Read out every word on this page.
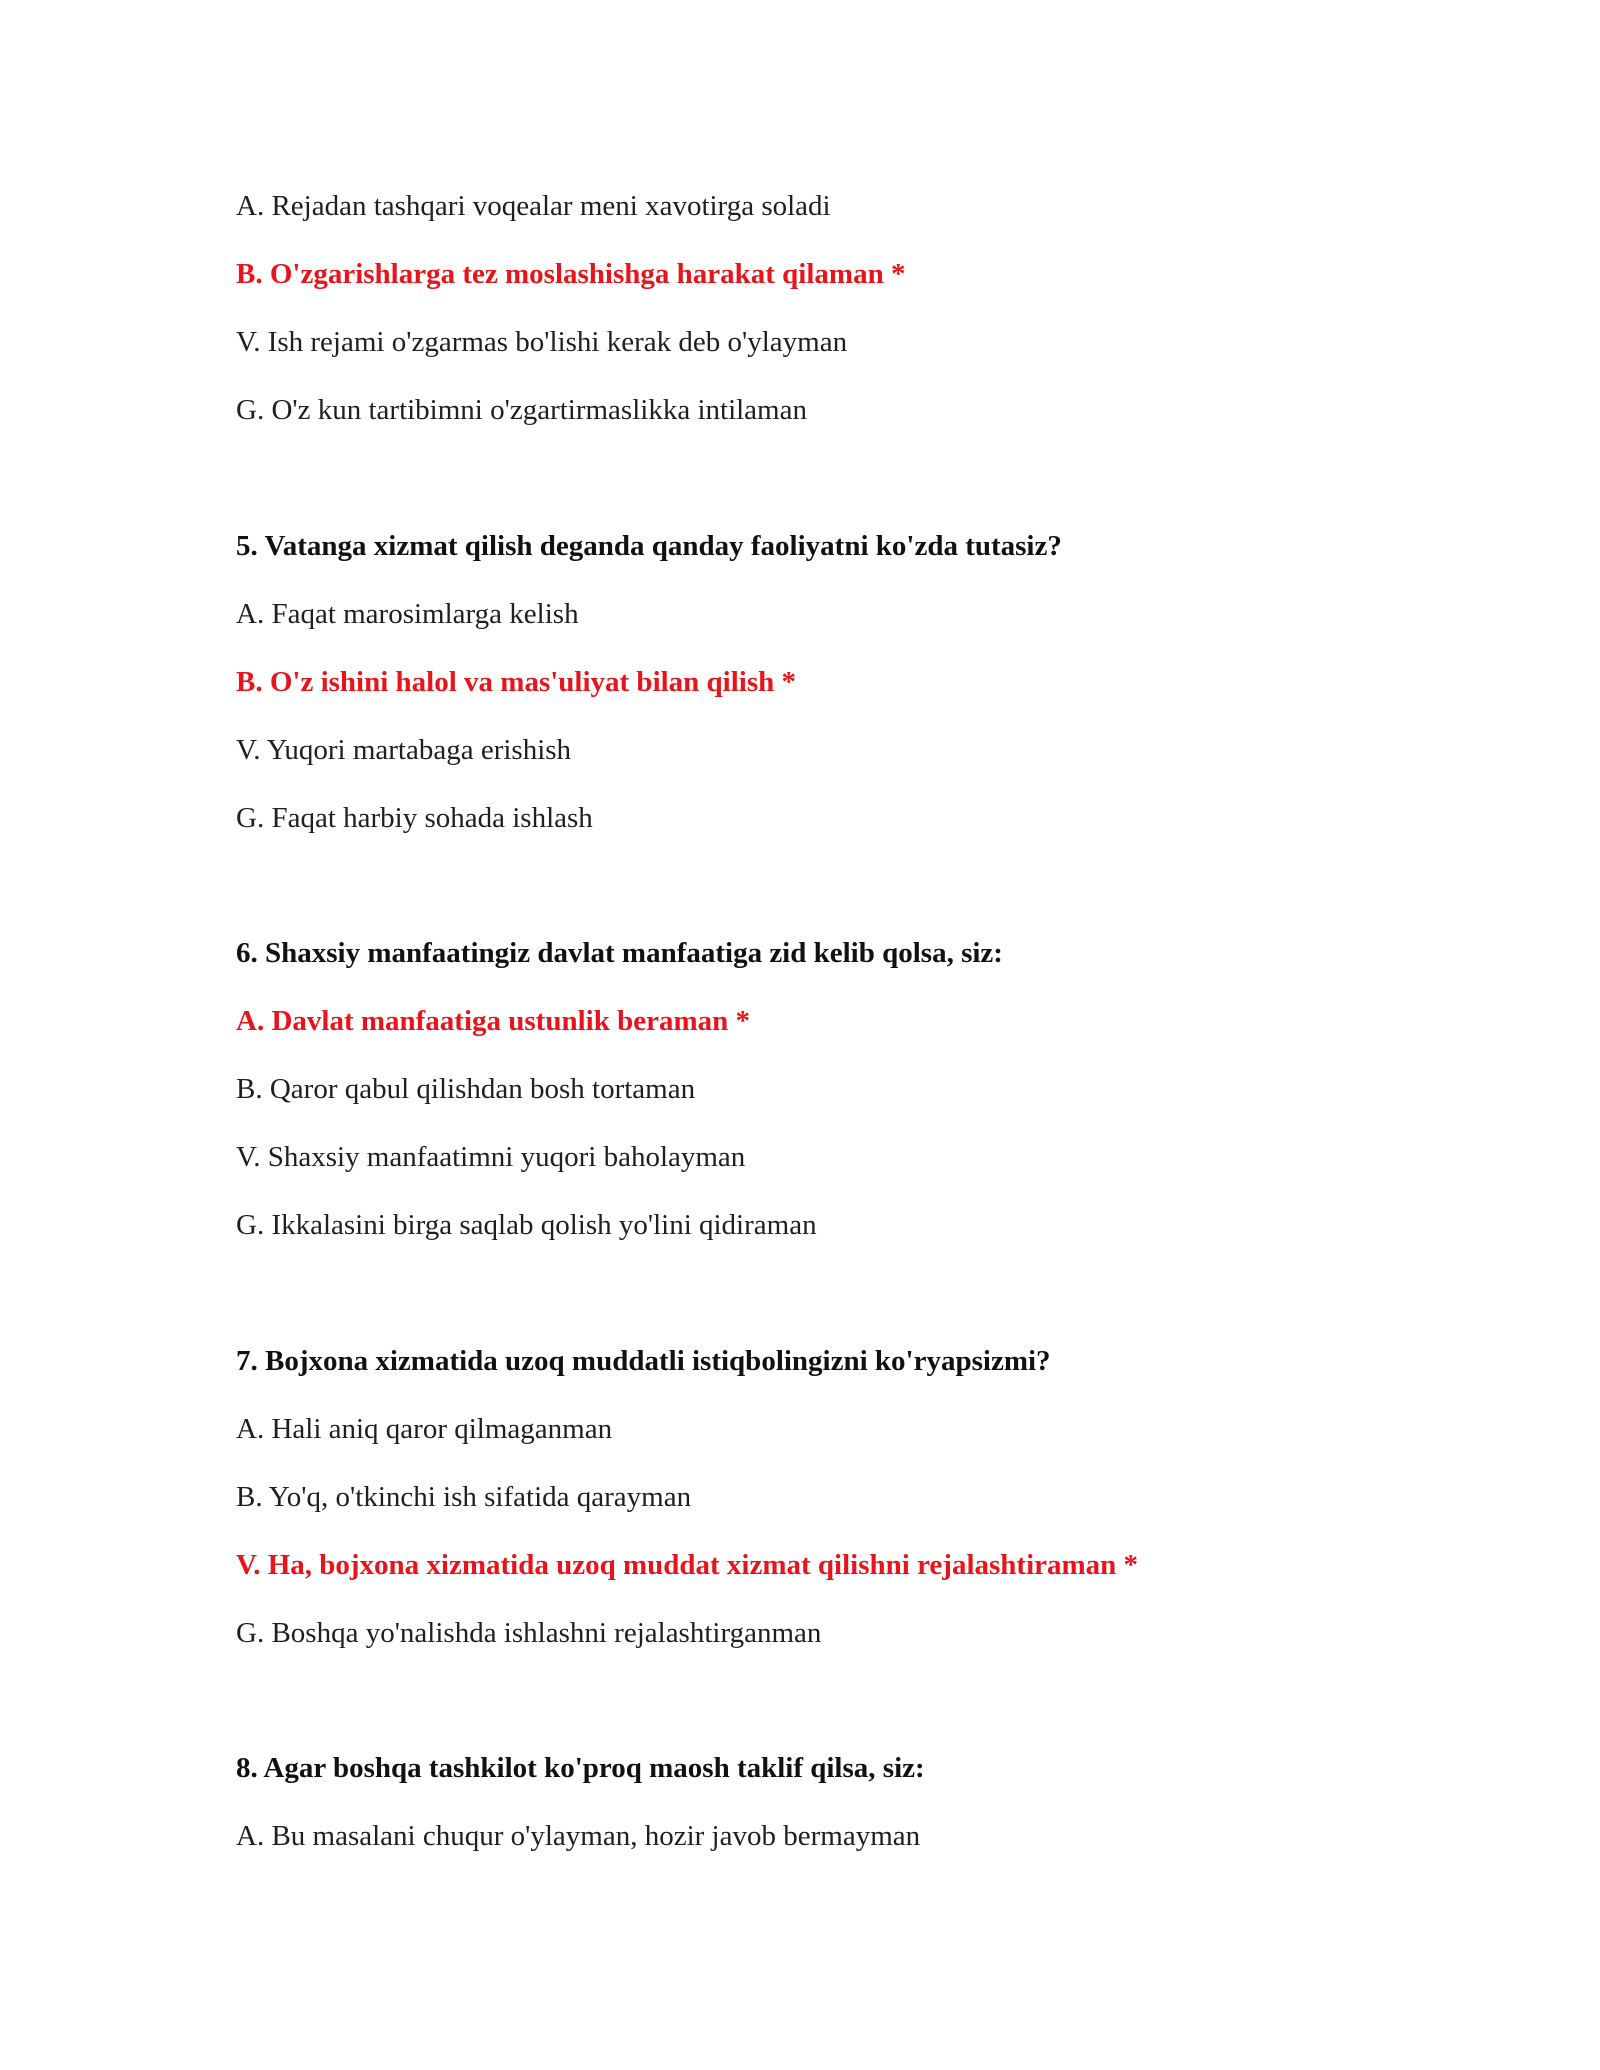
A. Rejadan tashqari voqealar meni xavotirga soladi
B. O'zgarishlarga tez moslashishga harakat qilaman *
V. Ish rejami o'zgarmas bo'lishi kerak deb o'ylayman
G. O'z kun tartibimni o'zgartirmaslikka intilaman
5. Vatanga xizmat qilish deganda qanday faoliyatni ko'zda tutasiz?
A. Faqat marosimlarga kelish
B. O'z ishini halol va mas'uliyat bilan qilish *
V. Yuqori martabaga erishish
G. Faqat harbiy sohada ishlash
6. Shaxsiy manfaatingiz davlat manfaatiga zid kelib qolsa, siz:
A. Davlat manfaatiga ustunlik beraman *
B. Qaror qabul qilishdan bosh tortaman
V. Shaxsiy manfaatimni yuqori baholayman
G. Ikkalasini birga saqlab qolish yo'lini qidiraman
7. Bojxona xizmatida uzoq muddatli istiqbolingizni ko'ryapsizmi?
A. Hali aniq qaror qilmaganman
B. Yo'q, o'tkinchi ish sifatida qarayman
V. Ha, bojxona xizmatida uzoq muddat xizmat qilishni rejalashtiraman *
G. Boshqa yo'nalishda ishlashni rejalashtirganman
8. Agar boshqa tashkilot ko'proq maosh taklif qilsa, siz:
A. Bu masalani chuqur o'ylayman, hozir javob bermayman
